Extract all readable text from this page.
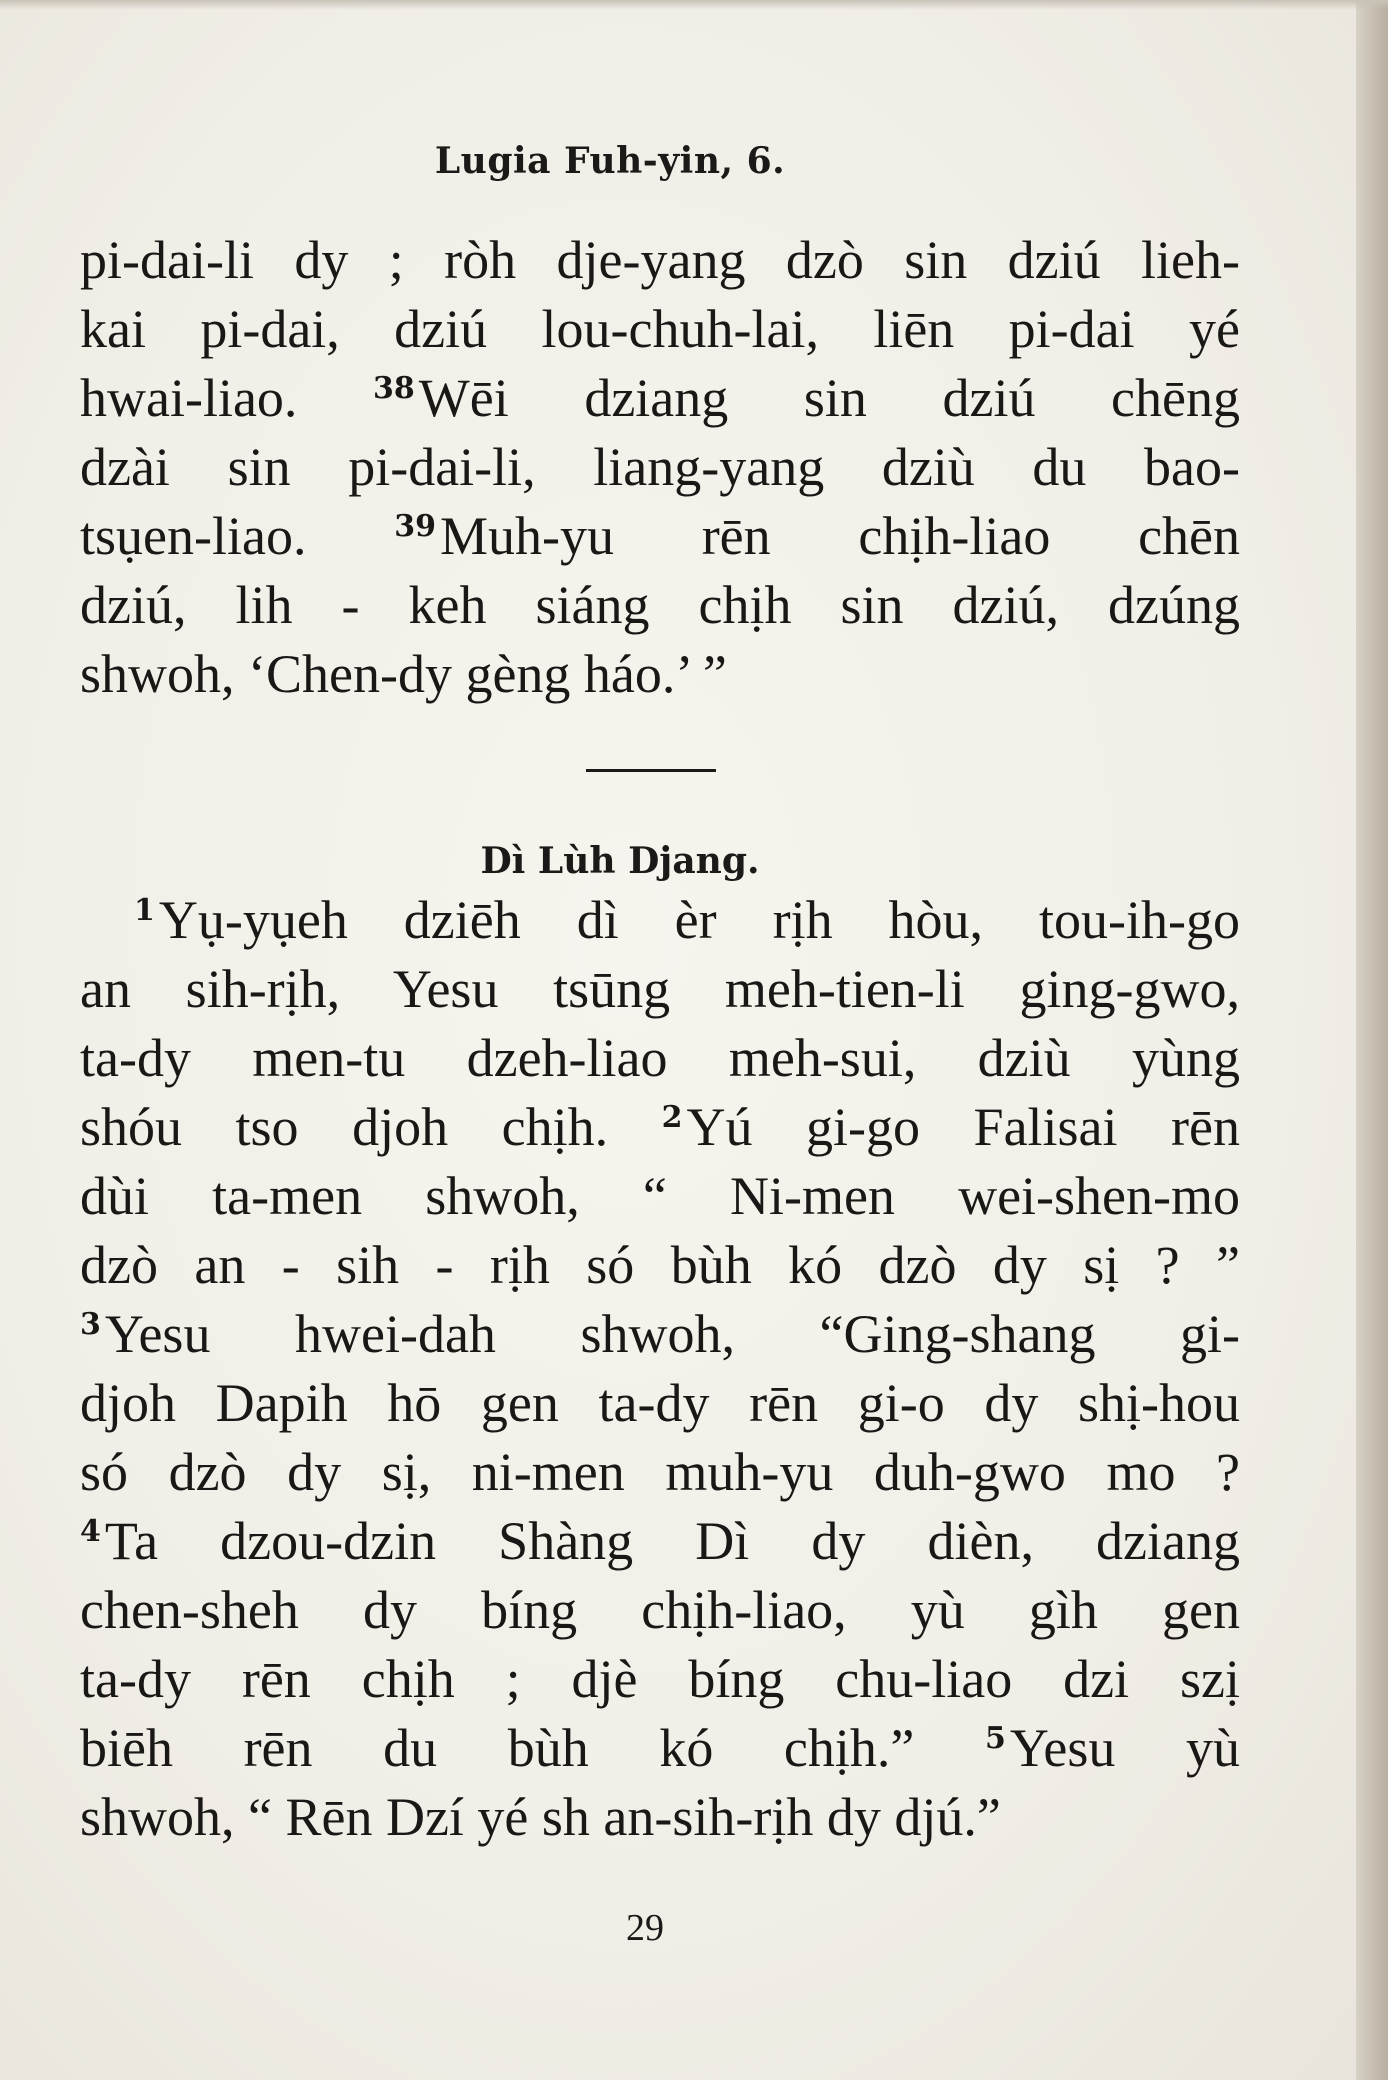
Lugia Fuh-yin, 6.
pi-dai-li dy ; ròh dje-yang dzò sin dziú lieh-
kai pi-dai, dziú lou-chuh-lai, liēn pi-dai yé
hwai-liao.	$^{38}$Wēi dziang sin dziú chēng
dzài sin pi-dai-li, liang-yang dziù du bao-
tsụen-liao.	$^{39}$Muh-yu rēn chịh-liao chēn
dziú, lih - keh siáng chịh sin dziú, dzúng
shwoh, ‘Chen-dy gèng háo.’ ”
Dì Lùh Djang.
 $^1$Yụ-yụeh dziēh dì èr rịh hòu, tou-ih-go
an sih-rịh, Yesu tsūng meh-tien-li ging-gwo,
ta-dy men-tu dzeh-liao meh-sui, dziù yùng
shóu tso djoh chịh. $^2$Yú gi-go Falisai rēn
dùi ta-men shwoh, “ Ni-men wei-shen-mo
dzò an - sih - rịh só bùh kó dzò dy sị ? ”
$^3$Yesu hwei-dah shwoh, “Ging-shang gi-
djoh Dapih hō gen ta-dy rēn gi-o dy shị-hou
só dzò dy sị, ni-men muh-yu duh-gwo mo ?
$^4$Ta dzou-dzin Shàng Dì dy dièn, dziang
chen-sheh dy bíng chịh-liao, yù gìh gen
ta-dy rēn chịh ; djè bíng chu-liao dzi szị
biēh rēn du bùh kó chịh.” $^5$Yesu yù
shwoh, “ Rēn Dzí yé sh an-sih-rịh dy djú.”
29
